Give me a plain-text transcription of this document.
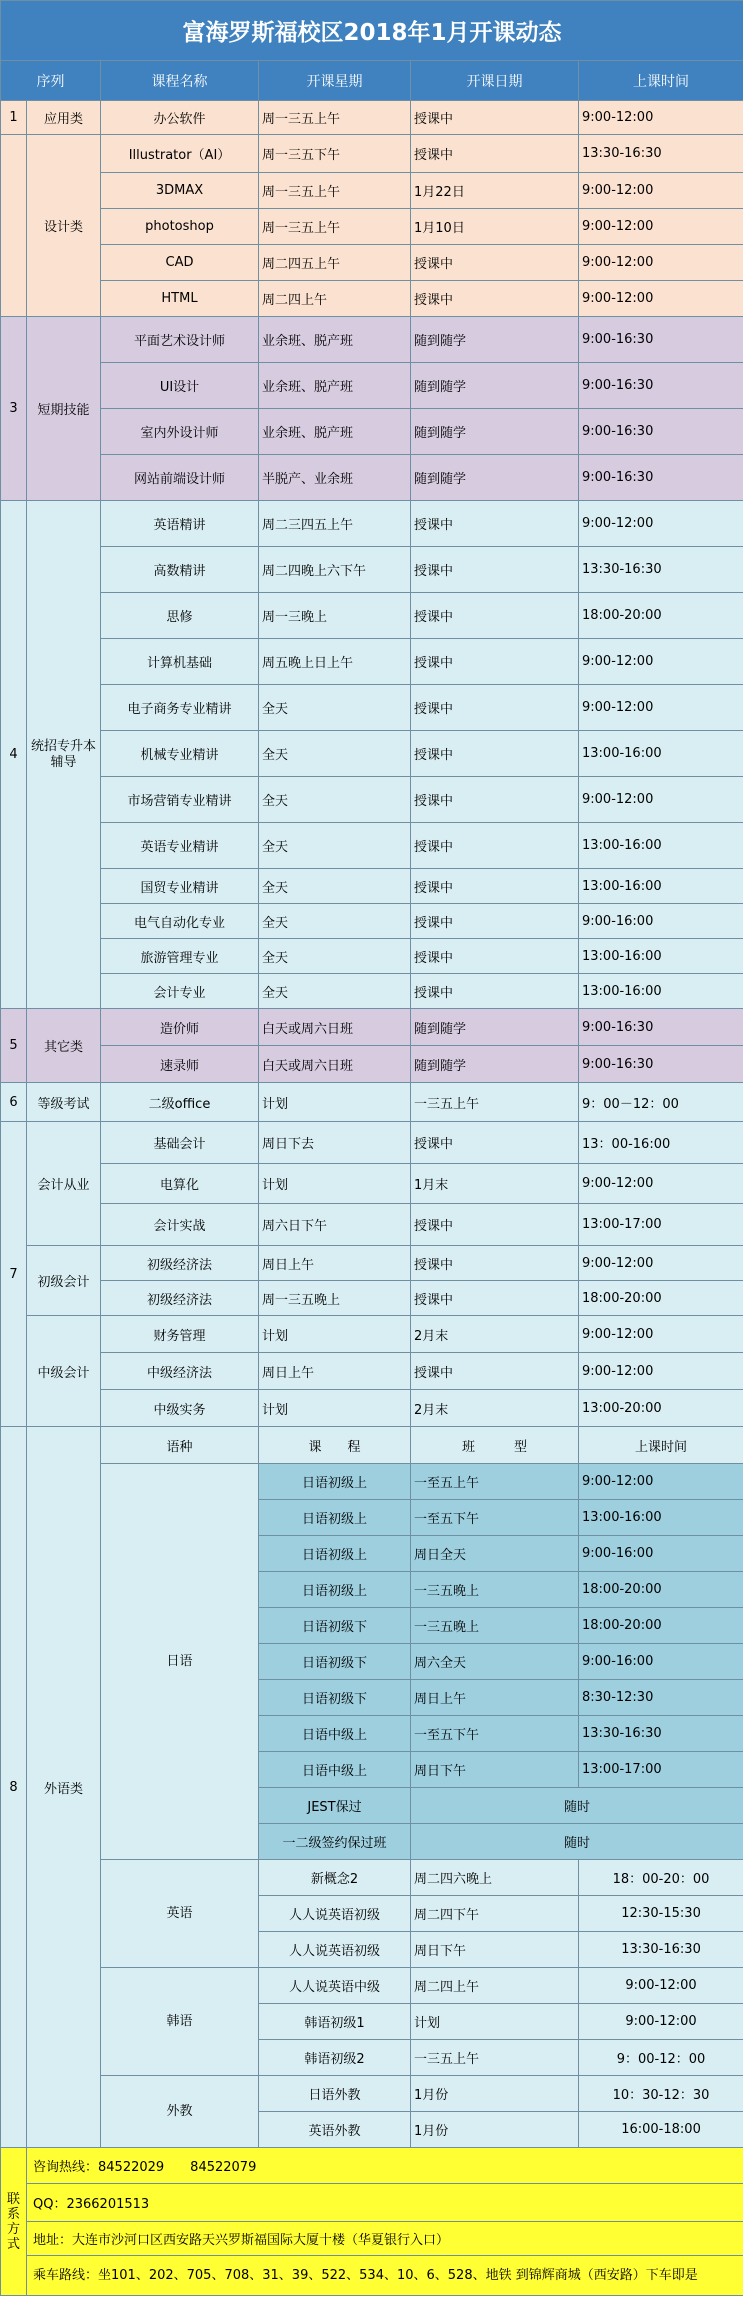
富海罗斯福校区2018年1月开课动态					
序列		课程名称	开课星期	开课日期	上课时间
1	应用类	办公软件	周一三五上午	授课中	9:00-12:00
	设计类	Illustrator（AI）	周一三五下午	授课中	13:30-16:30
		3DMAX	周一三五上午	1月22日	9:00-12:00
		photoshop	周一三五上午	1月10日	9:00-12:00
		CAD	周二四五上午	授课中	9:00-12:00
		HTML	周二四上午	授课中	9:00-12:00
3	短期技能	平面艺术设计师	业余班、脱产班	随到随学	9:00-16:30
		UI设计	业余班、脱产班	随到随学	9:00-16:30
		室内外设计师	业余班、脱产班	随到随学	9:00-16:30
		网站前端设计师	半脱产、业余班	随到随学	9:00-16:30
4	统招专升本辅导	英语精讲	周二三四五上午	授课中	9:00-12:00
		高数精讲	周二四晚上六下午	授课中	13:30-16:30
		思修	周一三晚上	授课中	18:00-20:00
		计算机基础	周五晚上日上午	授课中	9:00-12:00
		电子商务专业精讲	全天	授课中	9:00-12:00
		机械专业精讲	全天	授课中	13:00-16:00
		市场营销专业精讲	全天	授课中	9:00-12:00
		英语专业精讲	全天	授课中	13:00-16:00
		国贸专业精讲	全天	授课中	13:00-16:00
		电气自动化专业	全天	授课中	9:00-16:00
		旅游管理专业	全天	授课中	13:00-16:00
		会计专业	全天	授课中	13:00-16:00
5	其它类	造价师	白天或周六日班	随到随学	9:00-16:30
		速录师	白天或周六日班	随到随学	9:00-16:30
6	等级考试	二级office	计划	一三五上午	9：00－12：00
7	会计从业	基础会计	周日下去	授课中	13：00-16:00
		电算化	计划	1月末	9:00-12:00
		会计实战	周六日下午	授课中	13:00-17:00
	初级会计	初级经济法	周日上午	授课中	9:00-12:00
		初级经济法	周一三五晚上	授课中	18:00-20:00
	中级会计	财务管理	计划	2月末	9:00-12:00
		中级经济法	周日上午	授课中	9:00-12:00
		中级实务	计划	2月末	13:00-20:00
8	外语类	语种	课　　程	班　　　型	上课时间
		日语	日语初级上	一至五上午	9:00-12:00
			日语初级上	一至五下午	13:00-16:00
			日语初级上	周日全天	9:00-16:00
			日语初级上	一三五晚上	18:00-20:00
			日语初级下	一三五晚上	18:00-20:00
			日语初级下	周六全天	9:00-16:00
			日语初级下	周日上午	8:30-12:30
			日语中级上	一至五下午	13:30-16:30
			日语中级上	周日下午	13:00-17:00
			JEST保过	随时	
			一二级签约保过班	随时	
		英语	新概念2	周二四六晚上	18：00-20：00
			人人说英语初级	周二四下午	12:30-15:30
			人人说英语初级	周日下午	13:30-16:30
		韩语	人人说英语中级	周二四上午	9:00-12:00
			韩语初级1	计划	9:00-12:00
			韩语初级2	一三五上午	9：00-12：00
		外教	日语外教	1月份	10：30-12：30
			英语外教	1月份	16:00-18:00
联系方式	咨询热线：84522029　　84522079				
	QQ：2366201513				
	地址：大连市沙河口区西安路天兴罗斯福国际大厦十楼（华夏银行入口）				
	乘车路线：坐101、202、705、708、31、39、522、534、10、6、528、地铁 到锦辉商城（西安路）下车即是				
